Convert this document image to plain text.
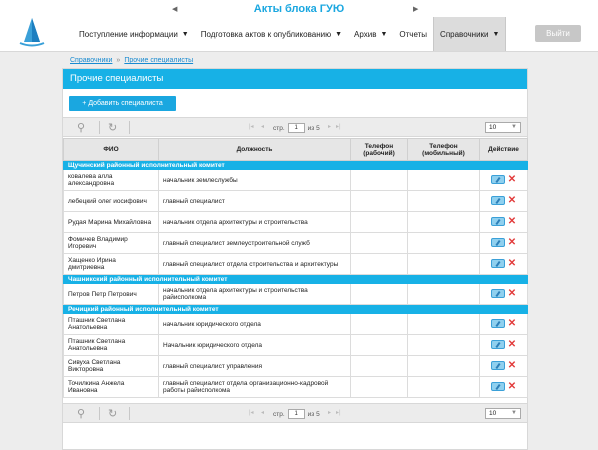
◀	Акты блока ГУЮ	▶
Поступление информации ▼ Подготовка актов к опубликованию ▼ Архив ▼ Отчеты Справочники ▼	Выйти
Справочники » Прочие специалисты
Прочие специалисты
+ Добавить специалиста
⚲ ↻	|◂ ◂ стр.	1	из 5 ▸ ▸|	10 ▼
⚲ ↻	|◂ ◂ стр.	1	из 5 ▸ ▸|	10 ▼
ФИО	Должность	Телефон (рабочий)	Телефон (мобильный)	Действие
Щучинский районный исполнительный комитет				
ковалева алла александровна	начальник землеслужбы			✕

лебецкий олег иосифович	главный специалист			✕

Рудая Марина Михайловна	начальник отдела архитектуры и строительства			✕

Фомичев Владимир Игоревич	главный специалист землеустроительной служб			✕

Хащенко Ирина дмитриевна	главный специалист отдела строительства и архитектуры			✕

Чашникский районный исполнительный комитет				
Петров Петр Петрович	начальник отдела архитектуры и строительства райисполкома			✕

Речицкий районный исполнительный комитет				
Пташник Светлана Анатольевна	начальник юридического отдела			✕

Пташник Светлана Анатольевна	Начальник юридического отдела			✕

Сивуха Светлана Викторовна	главный специалист управления			✕

Точилкина Анжела Ивановна	главный специалист отдела организационно-кадровой работы райисполкома			✕
